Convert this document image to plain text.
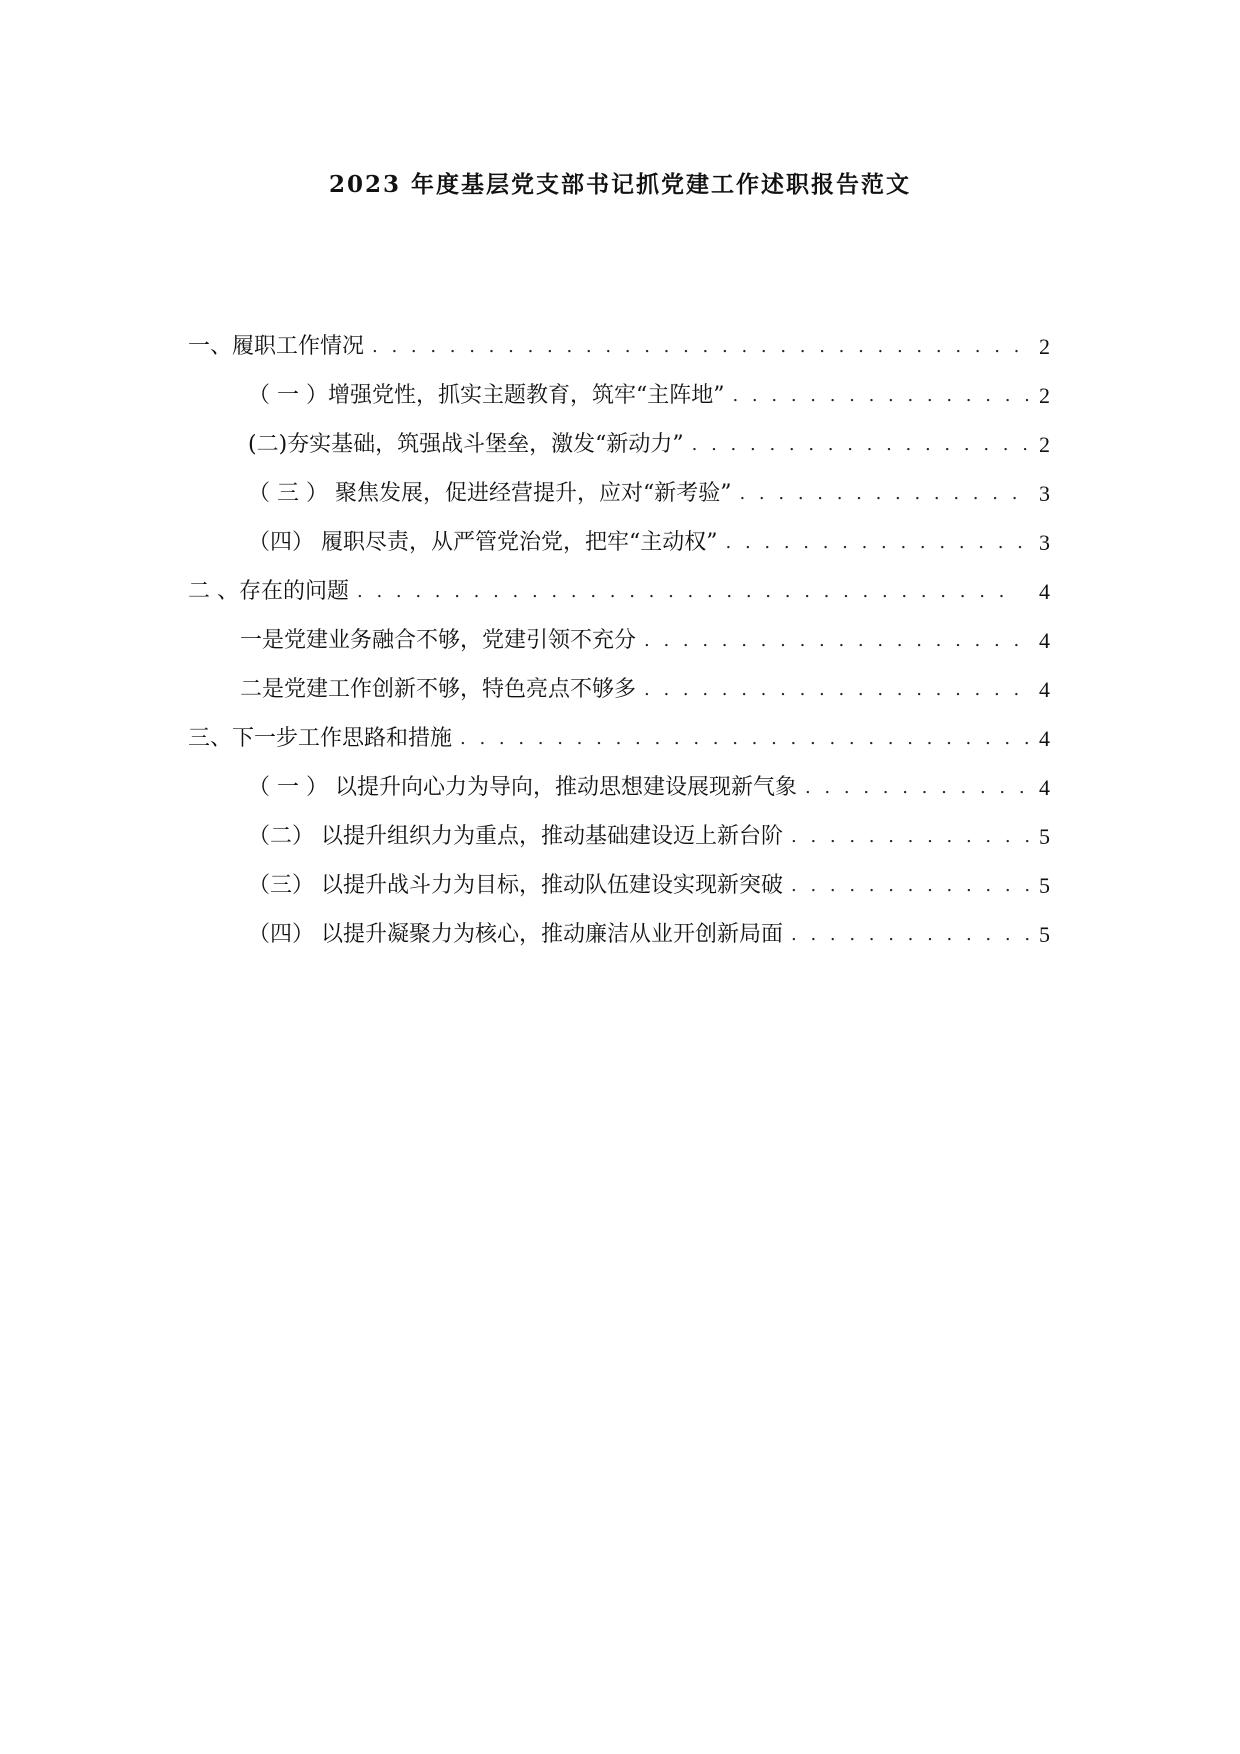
2023 年度基层党支部书记抓党建工作述职报告范文
一、履职工作情况 . . .	2
（ 一 ）增强党性，抓实主题教育，筑牢“主阵地” . . .	2
(二)夯实基础，筑强战斗堡垒，激发“新动力” . . .	2
（ 三 ） 聚焦发展，促进经营提升，应对“新考验” . . .	3
（四） 履职尽责，从严管党治党，把牢“主动权” . . .	3
二 、存在的问题 . . .	4
一是党建业务融合不够，党建引领不充分 . . .	4
二是党建工作创新不够，特色亮点不够多 . . .	4
三、下一步工作思路和措施 . . .	4
（ 一 ） 以提升向心力为导向，推动思想建设展现新气象 . . .	4
（二） 以提升组织力为重点，推动基础建设迈上新台阶 . . .	5
（三） 以提升战斗力为目标，推动队伍建设实现新突破 . . .	5
（四） 以提升凝聚力为核心，推动廉洁从业开创新局面 . . .	5
